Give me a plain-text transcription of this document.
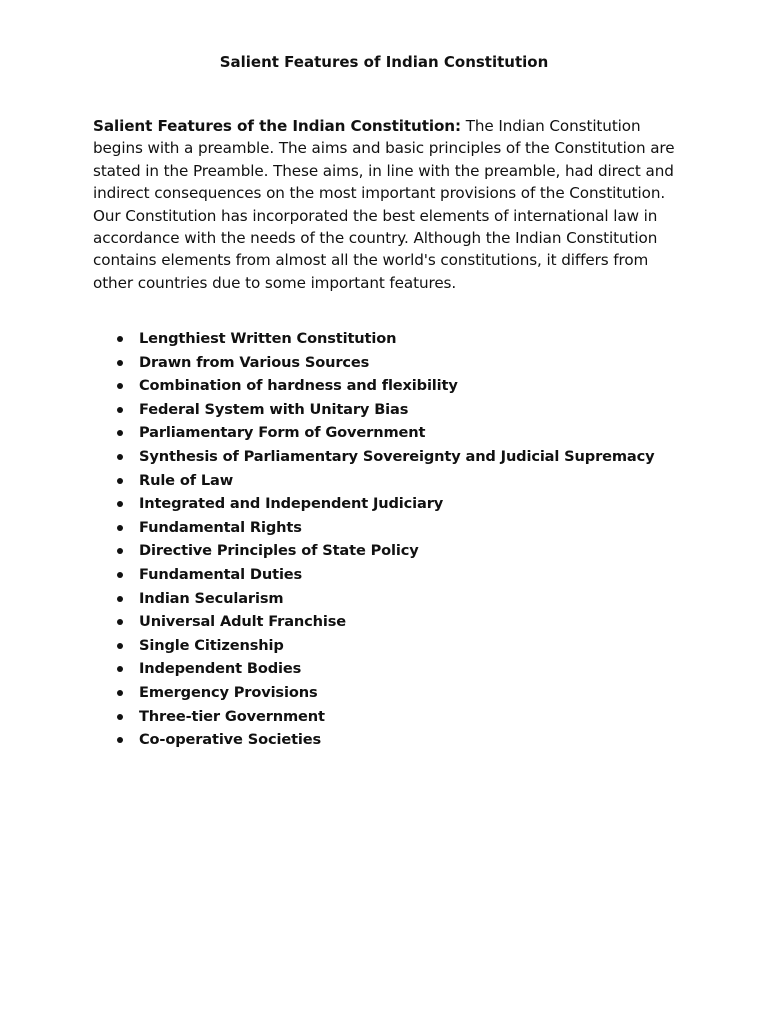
Salient Features of Indian Constitution

Salient Features of the Indian Constitution: The Indian Constitution begins with a preamble. The aims and basic principles of the Constitution are stated in the Preamble. These aims, in line with the preamble, had direct and indirect consequences on the most important provisions of the Constitution. Our Constitution has incorporated the best elements of international law in accordance with the needs of the country. Although the Indian Constitution contains elements from almost all the world's constitutions, it differs from other countries due to some important features.

Lengthiest Written Constitution
Drawn from Various Sources
Combination of hardness and flexibility
Federal System with Unitary Bias
Parliamentary Form of Government
Synthesis of Parliamentary Sovereignty and Judicial Supremacy
Rule of Law
Integrated and Independent Judiciary
Fundamental Rights
Directive Principles of State Policy
Fundamental Duties
Indian Secularism
Universal Adult Franchise
Single Citizenship
Independent Bodies
Emergency Provisions
Three-tier Government
Co-operative Societies
